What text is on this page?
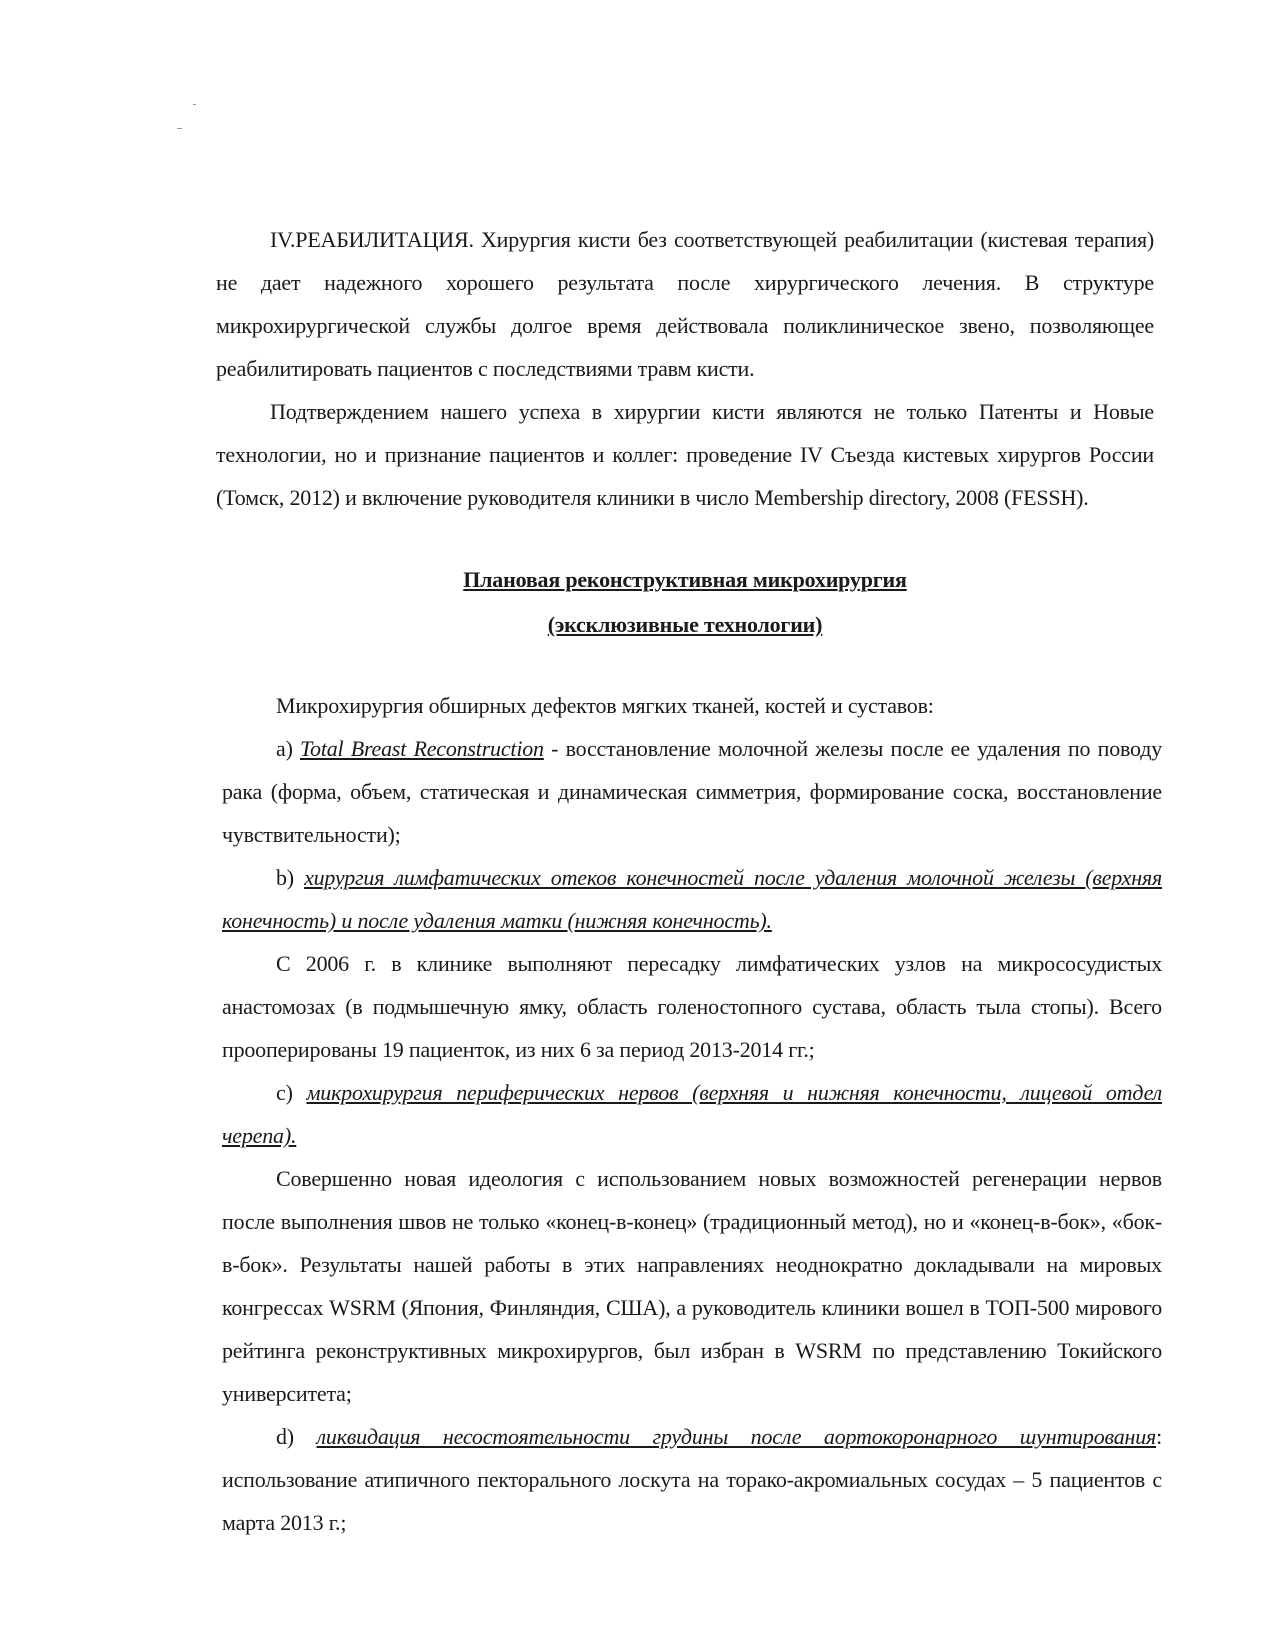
IV.РЕАБИЛИТАЦИЯ. Хирургия кисти без соответствующей реабилитации (кистевая терапия) не дает надежного хорошего результата после хирургического лечения. В структуре микрохирургической службы долгое время действовала поликлиническое звено, позволяющее реабилитировать пациентов с последствиями травм кисти.

Подтверждением нашего успеха в хирургии кисти являются не только Патенты и Новые технологии, но и признание пациентов и коллег: проведение IV Съезда кистевых хирургов России (Томск, 2012) и включение руководителя клиники в число Membership directory, 2008 (FESSH).

Плановая реконструктивная микрохирургия

(эксклюзивные технологии)

Микрохирургия обширных дефектов мягких тканей, костей и суставов:

a) Total Breast Reconstruction - восстановление молочной железы после ее удаления по поводу рака (форма, объем, статическая и динамическая симметрия, формирование соска, восстановление чувствительности);

b) хирургия лимфатических отеков конечностей после удаления молочной железы (верхняя конечность) и после удаления матки (нижняя конечность).

С 2006 г. в клинике выполняют пересадку лимфатических узлов на микрососудистых анастомозах (в подмышечную ямку, область голеностопного сустава, область тыла стопы). Всего прооперированы 19 пациенток, из них 6 за период 2013-2014 гг.;

c) микрохирургия периферических нервов (верхняя и нижняя конечности, лицевой отдел черепа).

Совершенно новая идеология с использованием новых возможностей регенерации нервов после выполнения швов не только «конец-в-конец» (традиционный метод), но и «конец-в-бок», «бок-в-бок». Результаты нашей работы в этих направлениях неоднократно докладывали на мировых конгрессах WSRM (Япония, Финляндия, США), а руководитель клиники вошел в ТОП-500 мирового рейтинга реконструктивных микрохирургов, был избран в WSRM по представлению Токийского университета;

d) ликвидация несостоятельности грудины после аортокоронарного шунтирования: использование атипичного пекторального лоскута на торако-акромиальных сосудах – 5 пациентов с марта 2013 г.;
